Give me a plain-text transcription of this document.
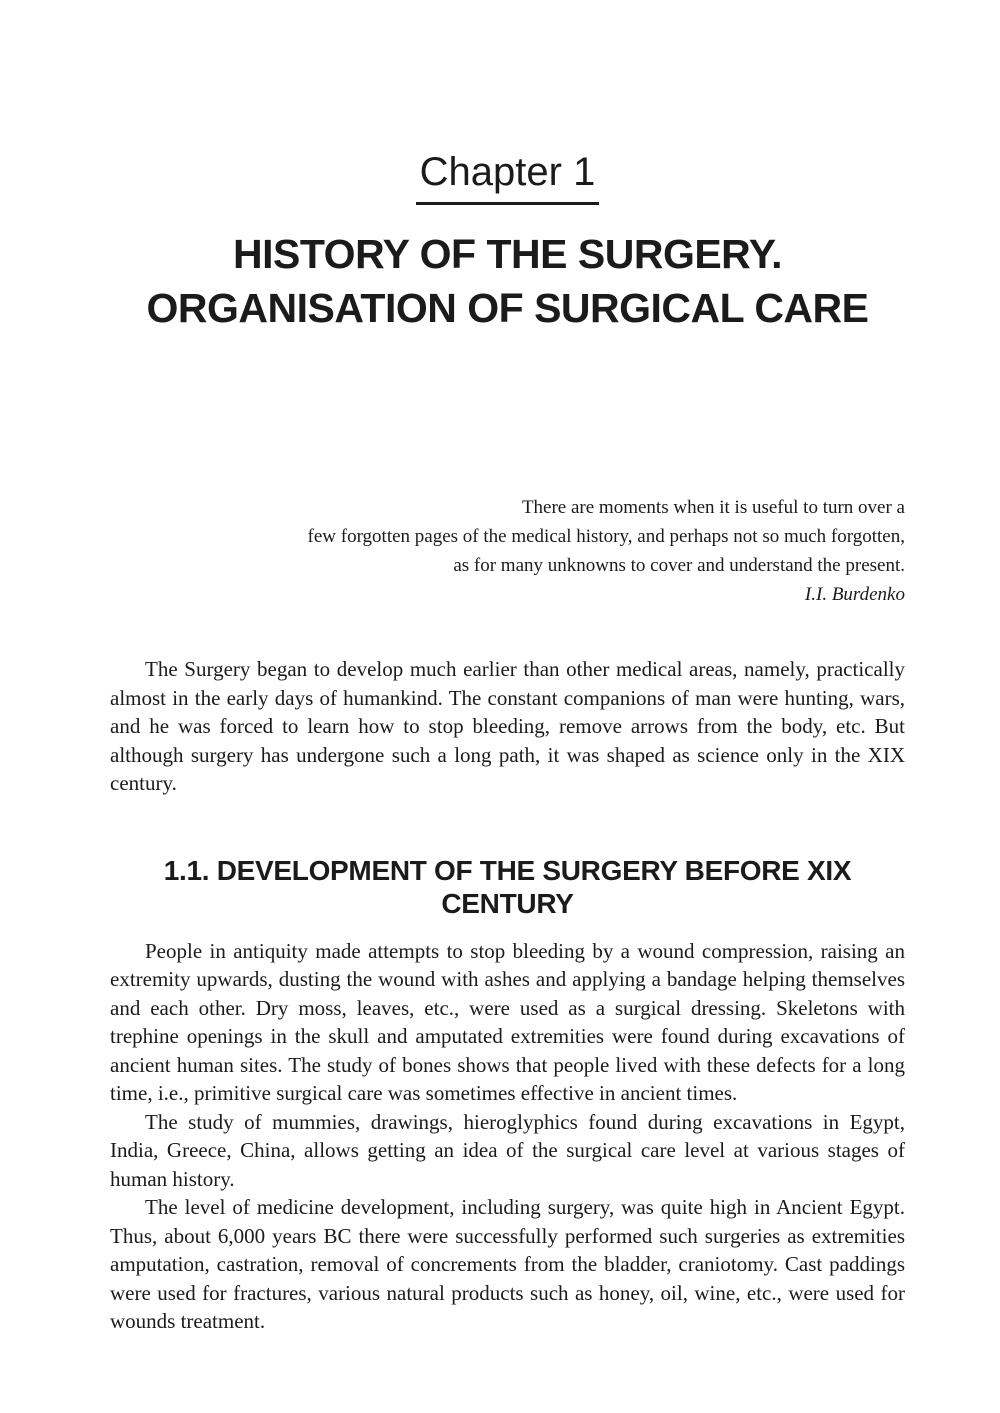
Chapter 1
HISTORY OF THE SURGERY.
ORGANISATION OF SURGICAL CARE
There are moments when it is useful to turn over a
few forgotten pages of the medical history, and perhaps not so much forgotten,
as for many unknowns to cover and understand the present.
I.I. Burdenko

The Surgery began to develop much earlier than other medical areas, namely, practically almost in the early days of humankind. The constant companions of man were hunting, wars, and he was forced to learn how to stop bleeding, remove arrows from the body, etc. But although surgery has undergone such a long path, it was shaped as science only in the XIX century.

1.1. DEVELOPMENT OF THE SURGERY BEFORE XIX CENTURY

People in antiquity made attempts to stop bleeding by a wound compression, raising an extremity upwards, dusting the wound with ashes and applying a bandage helping themselves and each other. Dry moss, leaves, etc., were used as a surgical dressing. Skeletons with trephine openings in the skull and amputated extremities were found during excavations of ancient human sites. The study of bones shows that people lived with these defects for a long time, i.e., primitive surgical care was sometimes effective in ancient times.

The study of mummies, drawings, hieroglyphics found during excavations in Egypt, India, Greece, China, allows getting an idea of the surgical care level at various stages of human history.

The level of medicine development, including surgery, was quite high in Ancient Egypt. Thus, about 6,000 years BC there were successfully performed such surgeries as extremities amputation, castration, removal of concrements from the bladder, craniotomy. Cast paddings were used for fractures, various natural products such as honey, oil, wine, etc., were used for wounds treatment.
